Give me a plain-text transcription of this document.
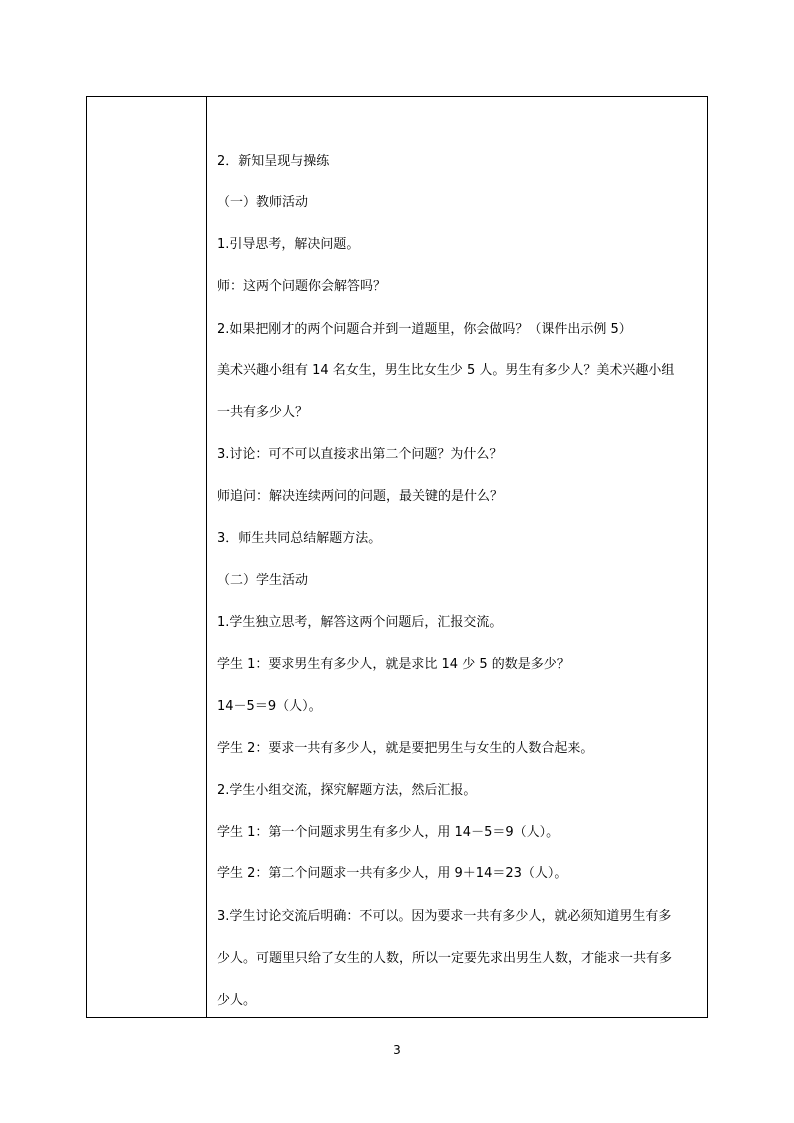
2．新知呈现与操练
（一）教师活动
1.引导思考，解决问题。
师：这两个问题你会解答吗？
2.如果把刚才的两个问题合并到一道题里，你会做吗？（课件出示例 5）
美术兴趣小组有 14 名女生，男生比女生少 5 人。男生有多少人？美术兴趣小组
一共有多少人？
3.讨论：可不可以直接求出第二个问题？为什么？
师追问：解决连续两问的问题，最关键的是什么？
3．师生共同总结解题方法。
（二）学生活动
1.学生独立思考，解答这两个问题后，汇报交流。
学生 1：要求男生有多少人，就是求比 14 少 5 的数是多少？
14－5＝9（人）。
学生 2：要求一共有多少人，就是要把男生与女生的人数合起来。
2.学生小组交流，探究解题方法，然后汇报。
学生 1：第一个问题求男生有多少人，用 14－5＝9（人）。
学生 2：第二个问题求一共有多少人，用 9＋14＝23（人）。
3.学生讨论交流后明确：不可以。因为要求一共有多少人，就必须知道男生有多
少人。可题里只给了女生的人数，所以一定要先求出男生人数，才能求一共有多
少人。
3
